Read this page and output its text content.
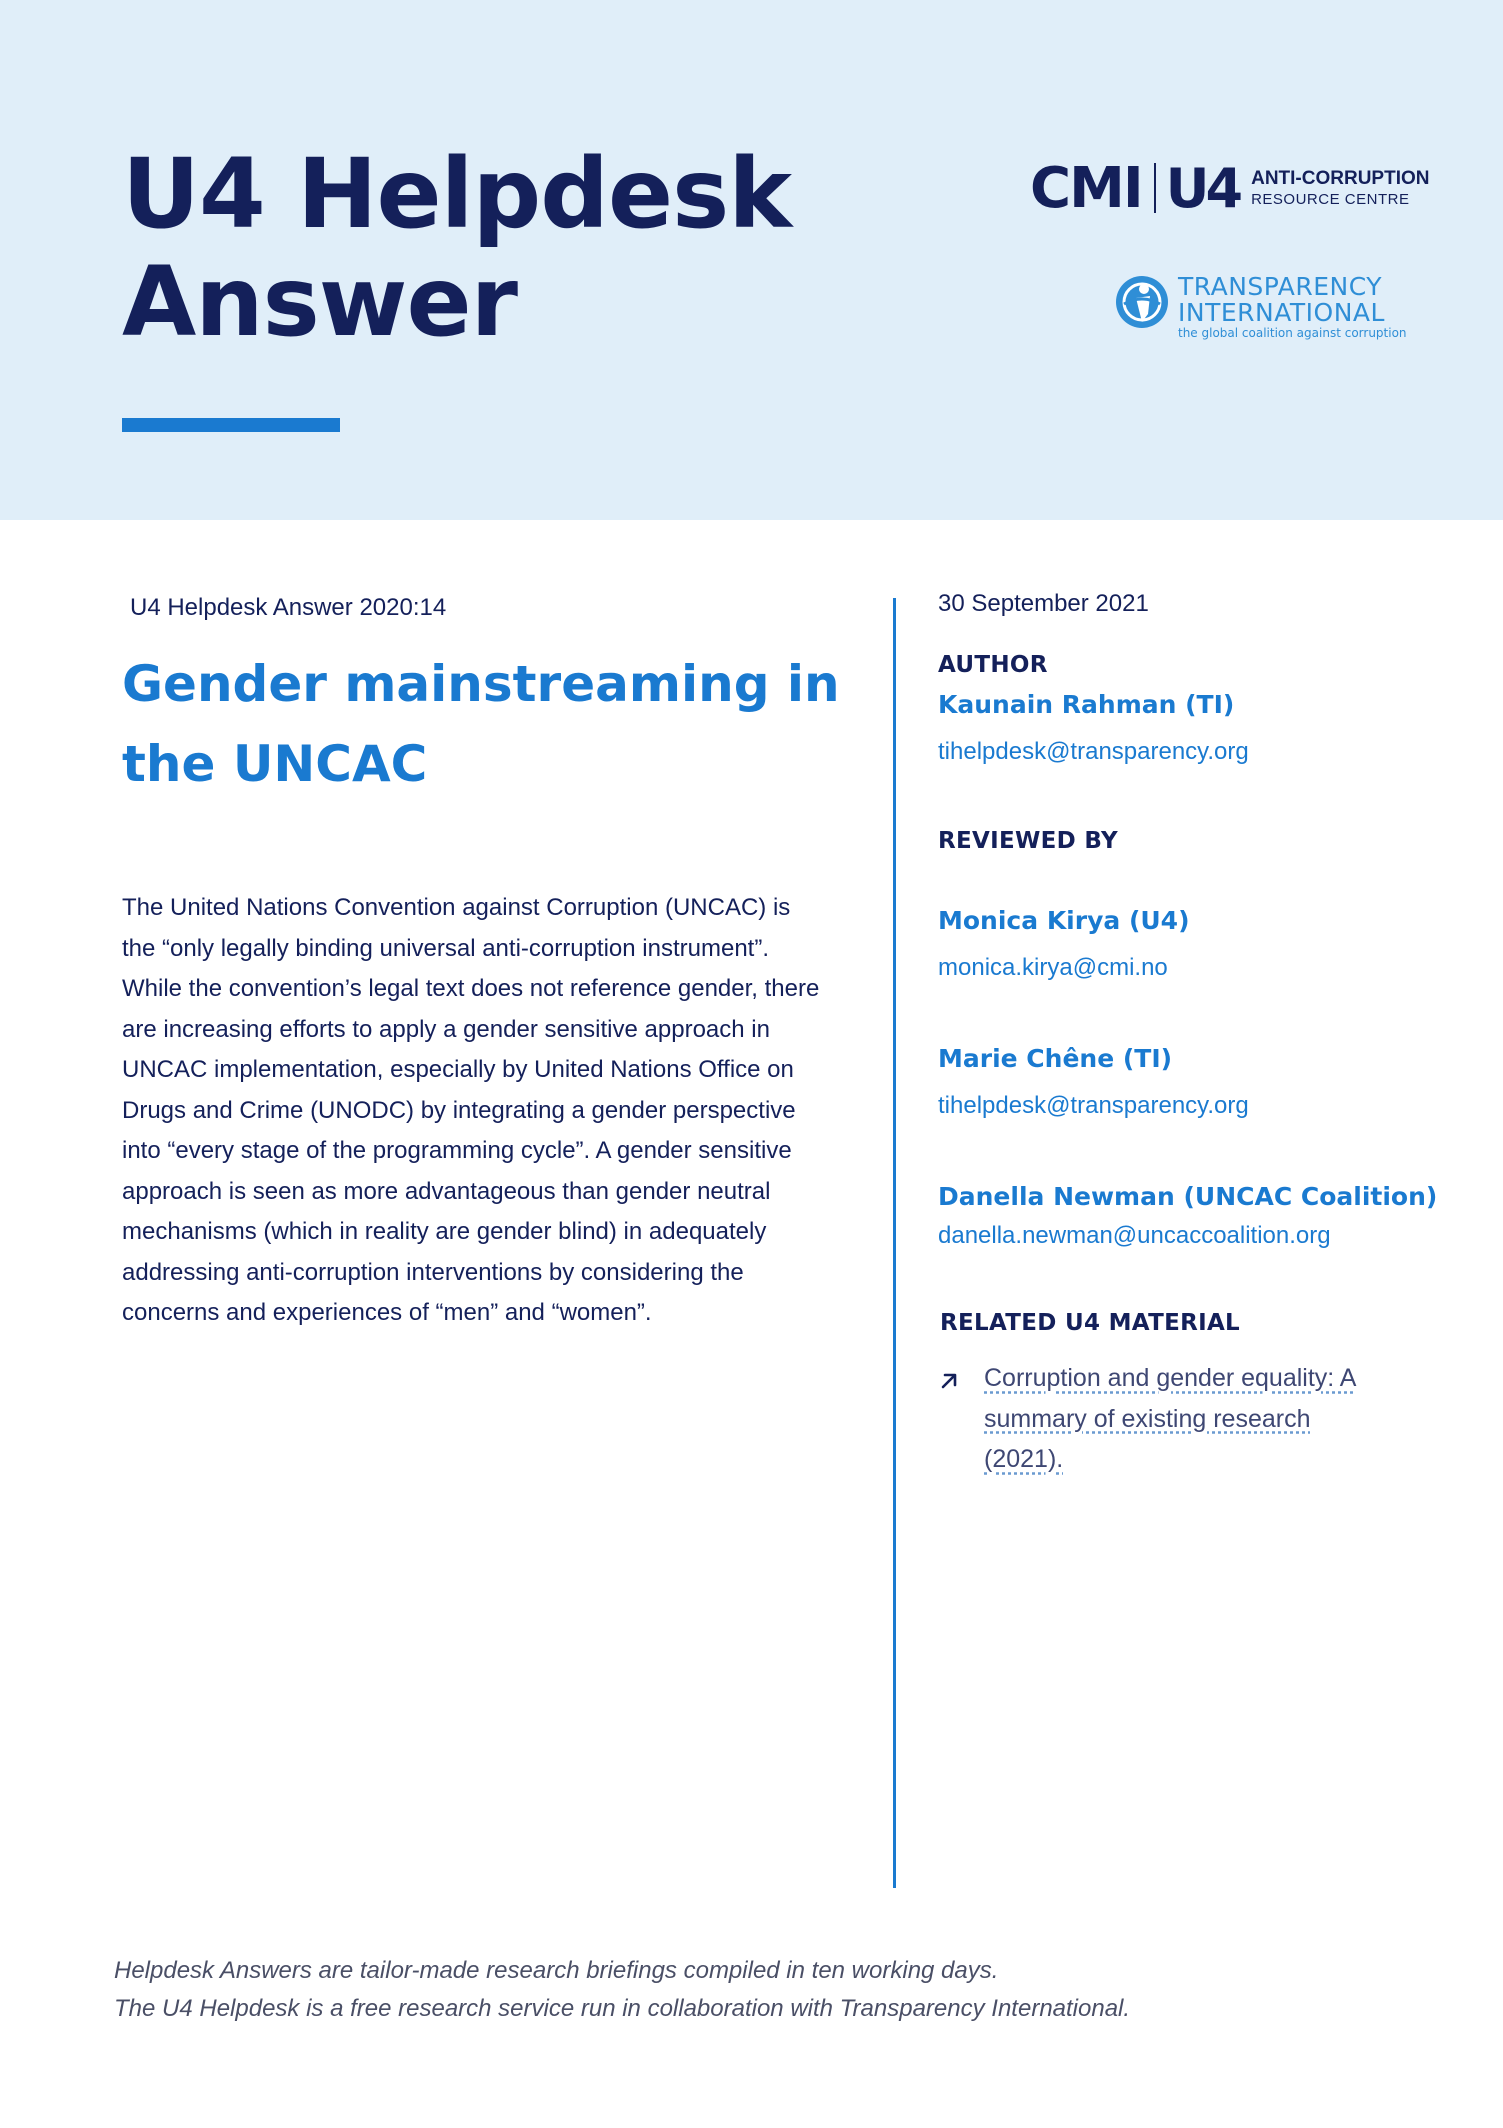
U4 Helpdesk
Answer
CMI U4 ANTI-CORRUPTION
RESOURCE CENTRE
TRANSPARENCY
INTERNATIONAL
the global coalition against corruption
U4 Helpdesk Answer 2020:14
Gender mainstreaming in the UNCAC

The United Nations Convention against Corruption (UNCAC) is the “only legally binding universal anti-corruption instrument”. While the convention’s legal text does not reference gender, there are increasing efforts to apply a gender sensitive approach in UNCAC implementation, especially by United Nations Office on Drugs and Crime (UNODC) by integrating a gender perspective into “every stage of the programming cycle”. A gender sensitive approach is seen as more advantageous than gender neutral mechanisms (which in reality are gender blind) in adequately addressing anti-corruption interventions by considering the concerns and experiences of “men” and “women”.

30 September 2021
AUTHOR
Kaunain Rahman (TI)
tihelpdesk@transparency.org
REVIEWED BY
Monica Kirya (U4)
monica.kirya@cmi.no
Marie Chêne (TI)
tihelpdesk@transparency.org
Danella Newman (UNCAC Coalition)
danella.newman@uncaccoalition.org
RELATED U4 MATERIAL
Corruption and gender equality: A summary of existing research (2021).
Helpdesk Answers are tailor-made research briefings compiled in ten working days.
The U4 Helpdesk is a free research service run in collaboration with Transparency International.
